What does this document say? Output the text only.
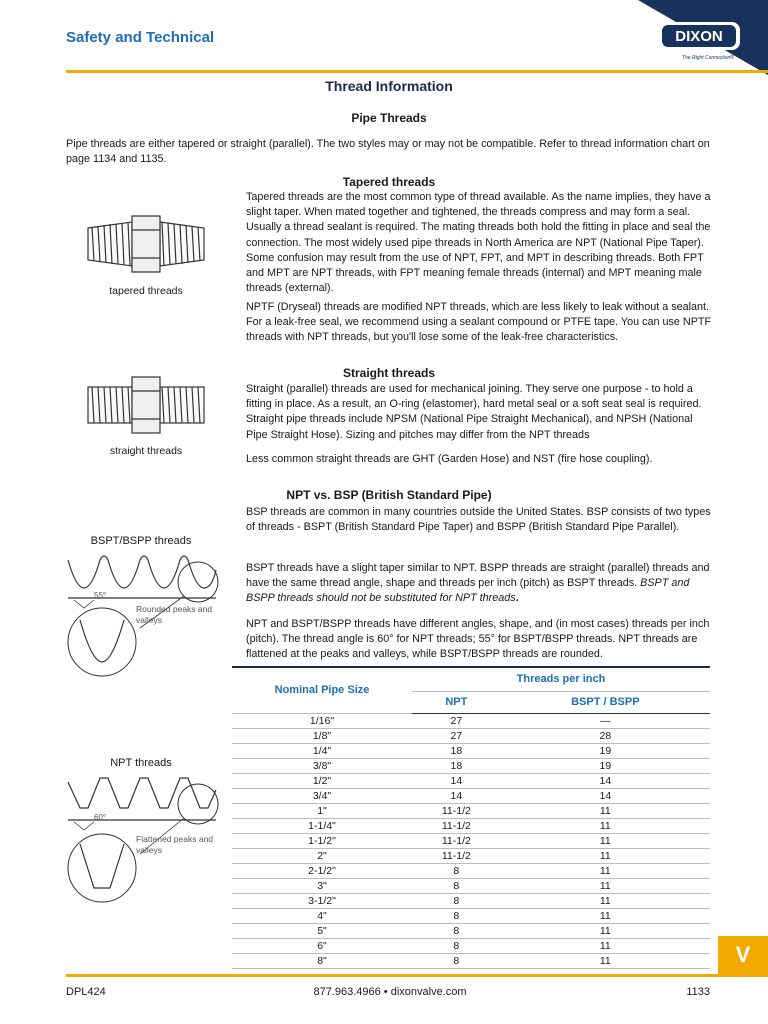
Safety and Technical	DIXON
The Right Connection®
Thread Information
Pipe Threads
Pipe threads are either tapered or straight (parallel). The two styles may or may not be compatible. Refer to thread information chart on page 1134 and 1135.
Tapered threads
Tapered threads are the most common type of thread available. As the name implies, they have a slight taper. When mated together and tightened, the threads compress and may form a seal. Usually a thread sealant is required. The mating threads both hold the fitting in place and seal the connection. The most widely used pipe threads in North America are NPT (National Pipe Taper). Some confusion may result from the use of NPT, FPT, and MPT in describing threads. Both FPT and MPT are NPT threads, with FPT meaning female threads (internal) and MPT meaning male threads (external).
NPTF (Dryseal) threads are modified NPT threads, which are less likely to leak without a sealant. For a leak-free seal, we recommend using a sealant compound or PTFE tape. You can use NPTF threads with NPT threads, but you'll lose some of the leak-free characteristics.
tapered threads
Straight threads
Straight (parallel) threads are used for mechanical joining. They serve one purpose - to hold a fitting in place. As a result, an O-ring (elastomer), hard metal seal or a soft seat seal is required. Straight pipe threads include NPSM (National Pipe Straight Mechanical), and NPSH (National Pipe Straight Hose). Sizing and pitches may differ from the NPT threads
Less common straight threads are GHT (Garden Hose) and NST (fire hose coupling).
straight threads
NPT vs. BSP (British Standard Pipe)
BSP threads are common in many countries outside the United States. BSP consists of two types of threads - BSPT (British Standard Pipe Taper) and BSPP (British Standard Pipe Parallel).
BSPT threads have a slight taper similar to NPT. BSPP threads are straight (parallel) threads and have the same thread angle, shape and threads per inch (pitch) as BSPT threads. BSPT and BSPP threads should not be substituted for NPT threads.
NPT and BSPT/BSPP threads have different angles, shape, and (in most cases) threads per inch (pitch). The thread angle is 60° for NPT threads; 55° for BSPT/BSPP threads. NPT threads are flattened at the peaks and valleys, while BSPT/BSPP threads are rounded.
BSPT/BSPP threads
55°
Rounded peaks and valleys
NPT threads
60°
Flattened peaks and valleys
Nominal Pipe Size	Threads per inch	
	NPT	BSPT / BSPP
1/16"	27	—
1/8"	27	28
1/4"	18	19
3/8"	18	19
1/2"	14	14
3/4"	14	14
1"	11-1/2	11
1-1/4"	11-1/2	11
1-1/2"	11-1/2	11
2"	11-1/2	11
2-1/2"	8	11
3"	8	11
3-1/2"	8	11
4"	8	11
5"	8	11
6"	8	11
8"	8	11	V
DPL424	877.963.4966 • dixonvalve.com	1133
